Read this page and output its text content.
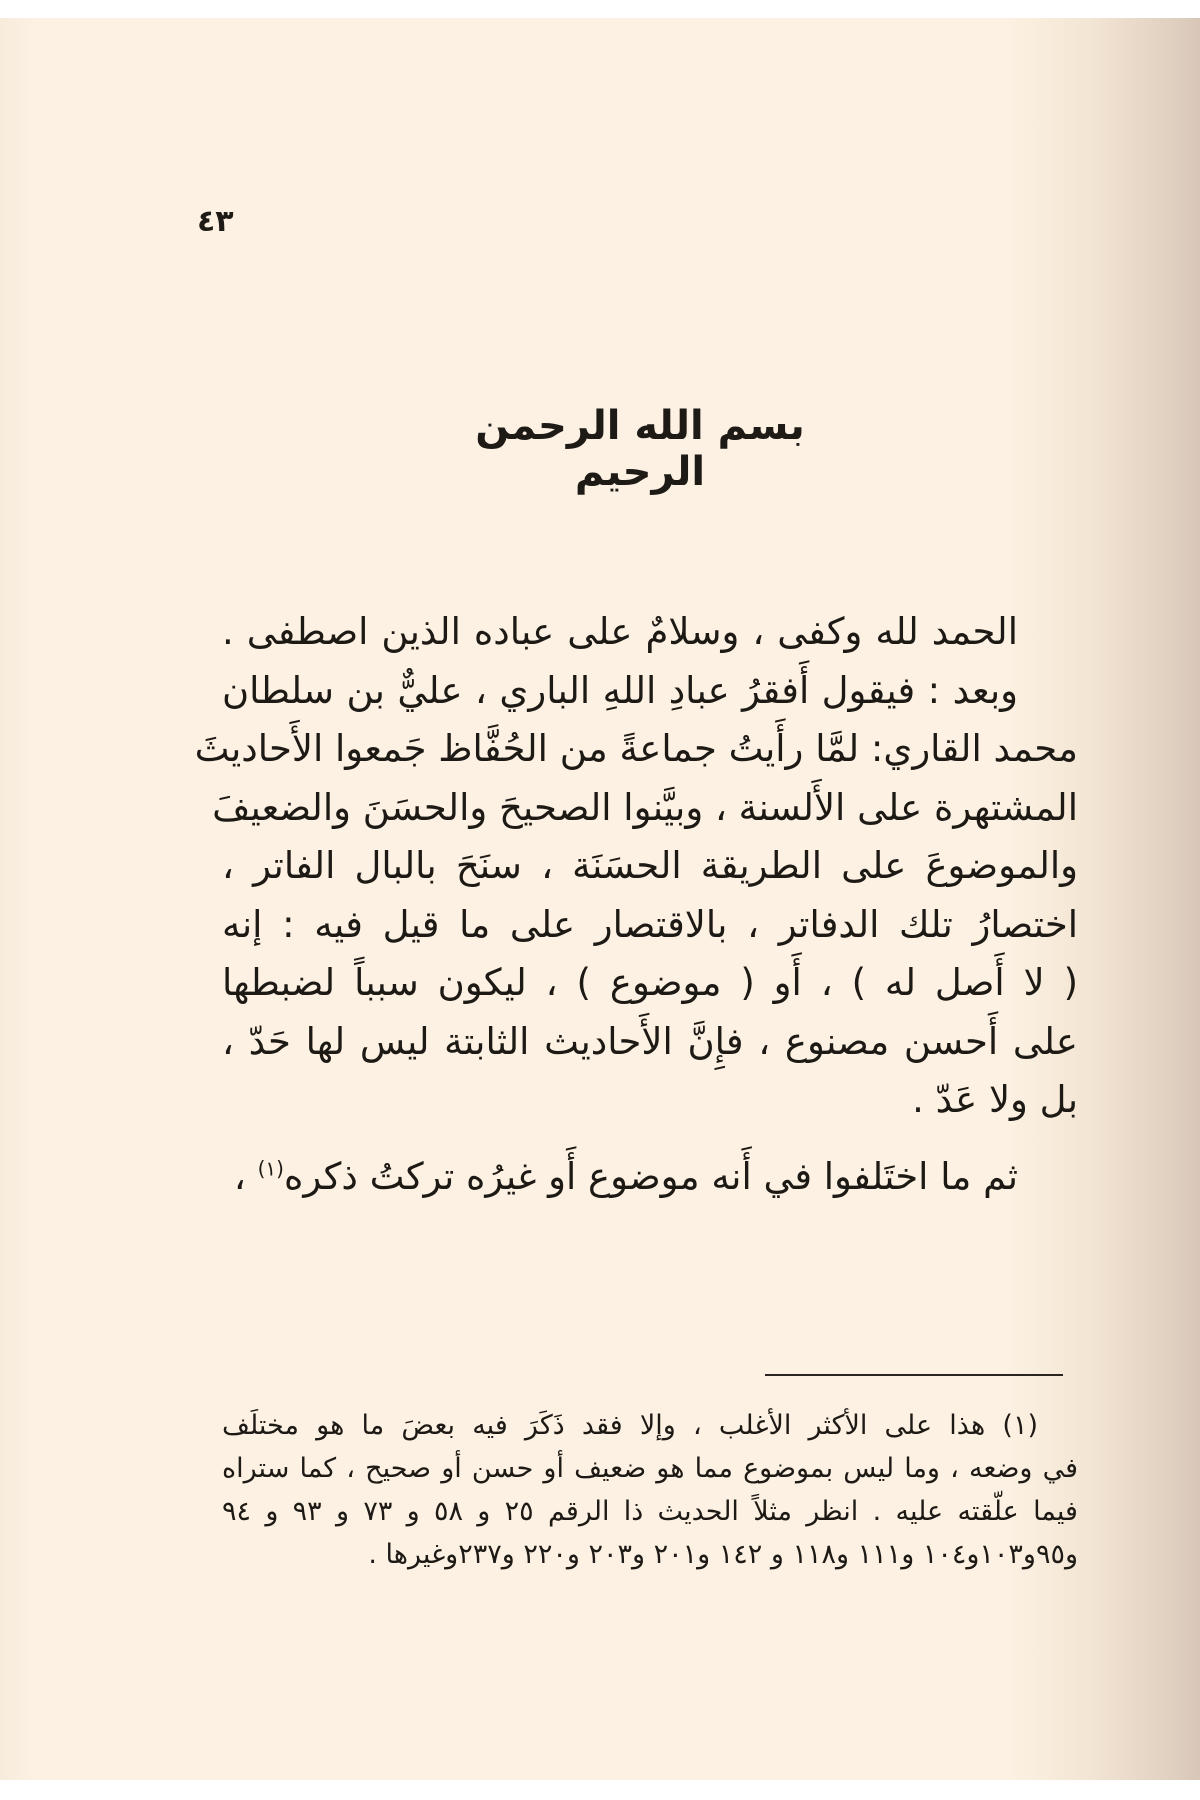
٤٣
بسم الله الرحمن الرحيم
الحمد لله وكفى ، وسلامٌ على عباده الذين اصطفى .
وبعد : فيقول أَفقرُ عبادِ اللهِ الباري ، عليٌّ بن سلطان
محمد القاري: لمَّا رأَيتُ جماعةً من الحُفَّاظ جَمعوا الأَحاديثَ
المشتهرة على الأَلسنة ، وبيَّنوا الصحيحَ والحسَنَ والضعيفَ
والموضوعَ على الطريقة الحسَنَة ، سنَحَ بالبال الفاتر ،
اختصارُ تلك الدفاتر ، بالاقتصار على ما قيل فيه : إنه
( لا أَصل له ) ، أَو ( موضوع ) ، ليكون سبباً لضبطها
على أَحسن مصنوع ، فإِنَّ الأَحاديث الثابتة ليس لها حَدّ ،
بل ولا عَدّ .
ثم ما اختَلفوا في أَنه موضوع أَو غيرُه تركتُ ذكره$^{(١)}$ ،
(١) هذا على الأكثر الأغلب ، وإلا فقد ذَكَرَ فيه بعضَ ما هو مختلَف
في وضعه ، وما ليس بموضوع مما هو ضعيف أو حسن أو صحيح ، كما ستراه
فيما علّقته عليه . انظر مثلاً الحديث ذا الرقم ٢٥ و ٥٨ و ٧٣ و ٩٣ و ٩٤
و٩٥و١٠٣و١٠٤ و١١١ و١١٨ و ١٤٢ و٢٠١ و٢٠٣ و٢٢٠ و٢٣٧وغيرها .
